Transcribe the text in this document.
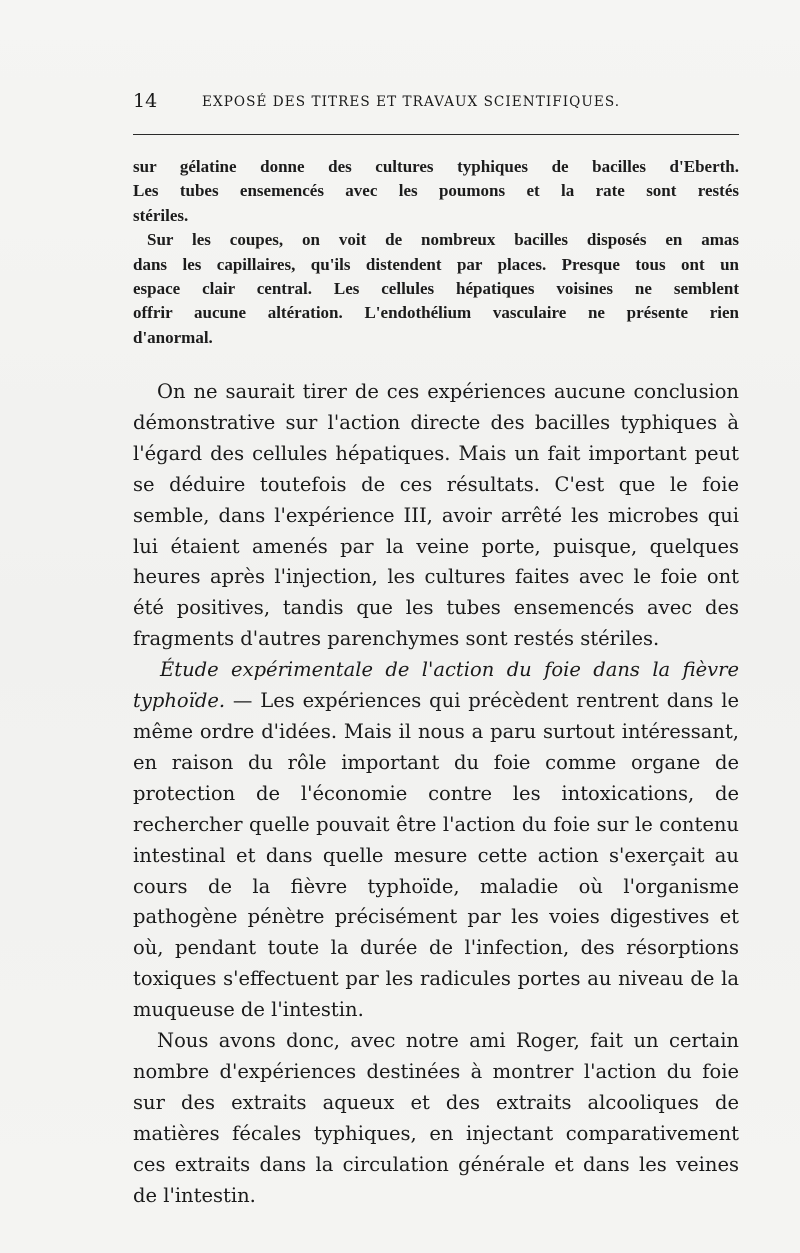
14	EXPOSÉ DES TITRES ET TRAVAUX SCIENTIFIQUES.

sur gélatine donne des cultures typhiques de bacilles d'Eberth.

Les tubes ensemencés avec les poumons et la rate sont restés

stériles.

Sur les coupes, on voit de nombreux bacilles disposés en amas

dans les capillaires, qu'ils distendent par places. Presque tous ont un

espace clair central. Les cellules hépatiques voisines ne semblent

offrir aucune altération. L'endothélium vasculaire ne présente rien

d'anormal.

On ne saurait tirer de ces expériences aucune conclusion démonstrative sur l'action directe des bacilles typhiques à l'égard des cellules hépatiques. Mais un fait important peut se déduire toutefois de ces résultats. C'est que le foie semble, dans l'expérience III, avoir arrêté les microbes qui lui étaient amenés par la veine porte, puisque, quelques heures après l'injection, les cultures faites avec le foie ont été positives, tandis que les tubes ensemencés avec des fragments d'autres parenchymes sont restés stériles.

Étude expérimentale de l'action du foie dans la fièvre typhoïde. — Les expériences qui précèdent rentrent dans le même ordre d'idées. Mais il nous a paru surtout intéressant, en raison du rôle important du foie comme organe de protection de l'économie contre les intoxications, de rechercher quelle pouvait être l'action du foie sur le contenu intestinal et dans quelle mesure cette action s'exerçait au cours de la fièvre typhoïde, maladie où l'organisme pathogène pénètre précisément par les voies digestives et où, pendant toute la durée de l'infection, des résorptions toxiques s'effectuent par les radicules portes au niveau de la muqueuse de l'intestin.

Nous avons donc, avec notre ami Roger, fait un certain nombre d'expériences destinées à montrer l'action du foie sur des extraits aqueux et des extraits alcooliques de matières fécales typhiques, en injectant comparativement ces extraits dans la circulation générale et dans les veines de l'intestin.
